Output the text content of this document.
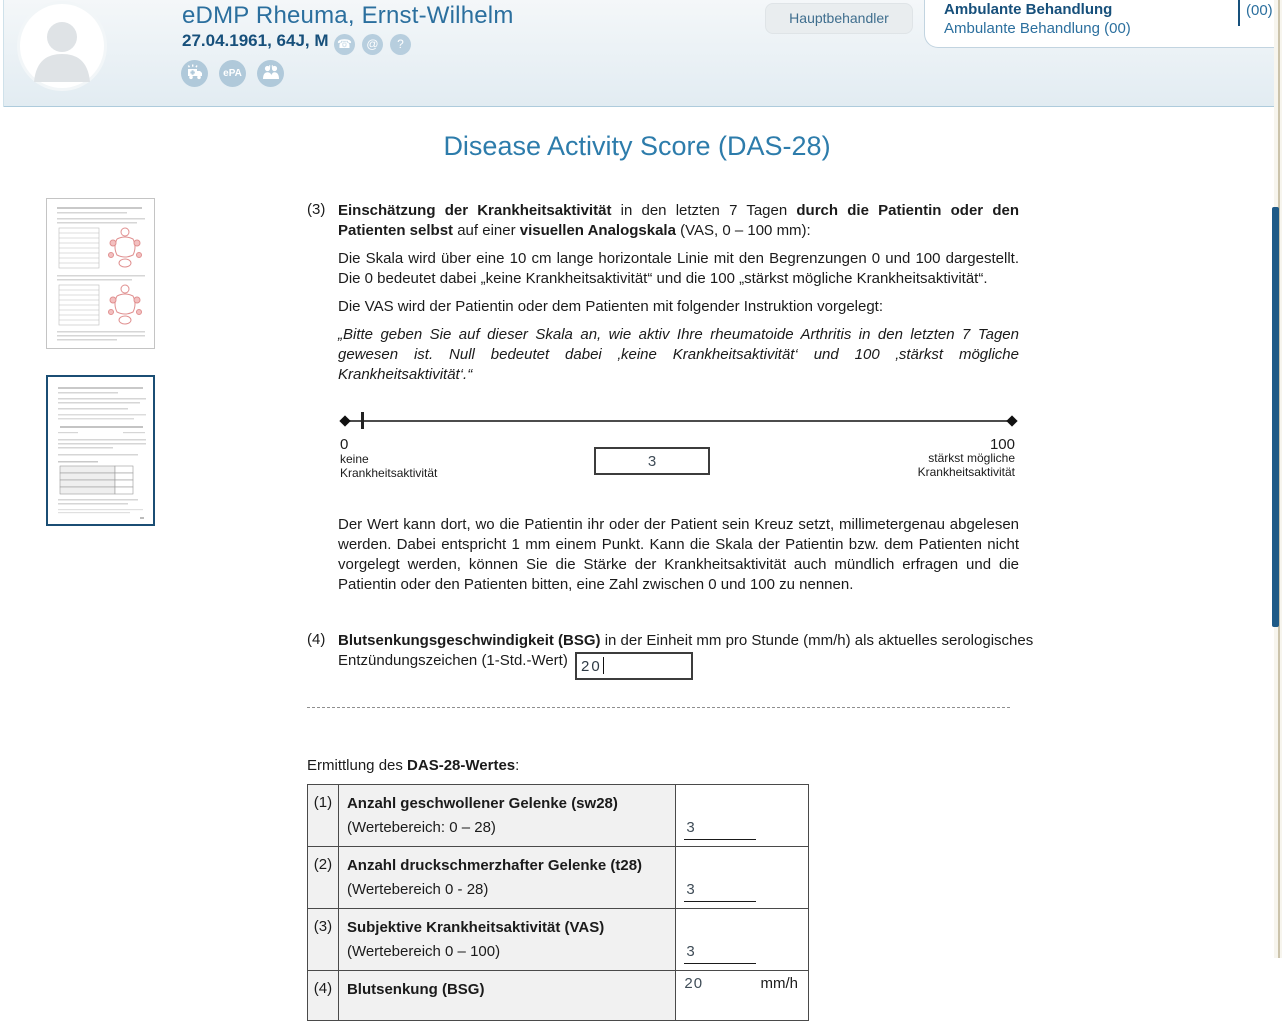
eDMP Rheuma, Ernst-Wilhelm
27.04.1961, 64J, M ☎	@	?
ePA
Hauptbehandler	Ambulante Behandlung
Ambulante Behandlung (00)
(00)
Disease Activity Score (DAS-28)
(3) Einschätzung der Krankheitsaktivität in den letzten 7 Tagen durch die Patientin oder den Patienten selbst auf einer visuellen Analogskala (VAS, 0 – 100 mm):
Die Skala wird über eine 10 cm lange horizontale Linie mit den Begrenzungen 0 und 100 dargestellt. Die 0 bedeutet dabei „keine Krankheitsaktivität“ und die 100 „stärkst mögliche Krankheitsaktivität“.
Die VAS wird der Patientin oder dem Patienten mit folgender Instruktion vorgelegt:
„Bitte geben Sie auf dieser Skala an, wie aktiv Ihre rheumatoide Arthritis in den letzten 7 Tagen gewesen ist. Null bedeutet dabei ‚keine Krankheitsaktivität‘ und 100 ‚stärkst mögliche Krankheitsaktivität‘.“
0
keine
Krankheitsaktivität
100
stärkst mögliche
Krankheitsaktivität
3
Der Wert kann dort, wo die Patientin ihr oder der Patient sein Kreuz setzt, millimetergenau abgelesen werden. Dabei entspricht 1 mm einem Punkt. Kann die Skala der Patientin bzw. dem Patienten nicht vorgelegt werden, können Sie die Stärke der Krankheitsaktivität auch mündlich erfragen und die Patientin oder den Patienten bitten, eine Zahl zwischen 0 und 100 zu nennen.
(4) Blutsenkungsgeschwindigkeit (BSG) in der Einheit mm pro Stunde (mm/h) als aktuelles serologisches
Entzündungszeichen (1-Std.-Wert) 20
Ermittlung des DAS-28-Wertes:
(1)	Anzahl geschwollener Gelenke (sw28)
(Wertebereich: 0 – 28)	3

(2)	Anzahl druckschmerzhafter Gelenke (t28)
(Wertebereich 0 - 28)	3

(3)	Subjektive Krankheitsaktivität (VAS)
(Wertebereich 0 – 100)	3

(4)	Blutsenkung (BSG)	20 mm/h
